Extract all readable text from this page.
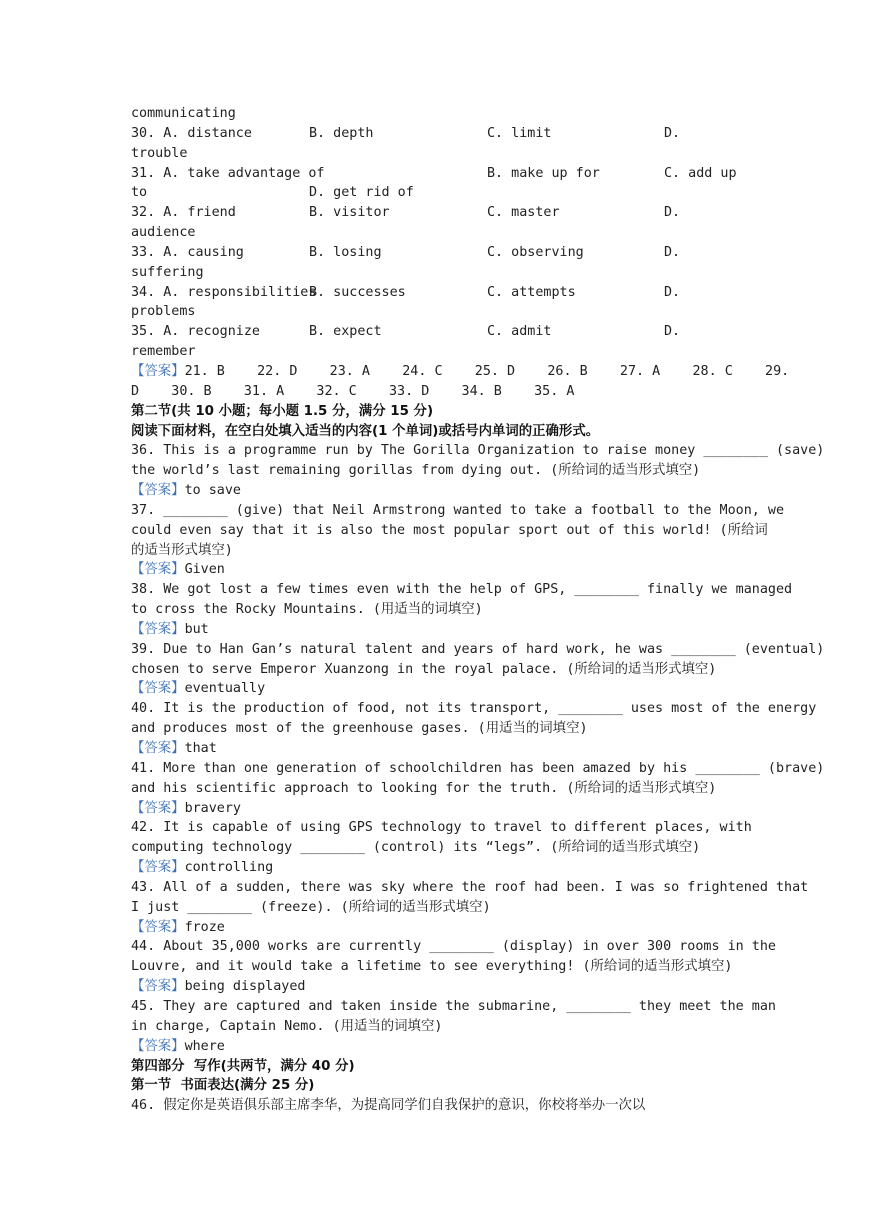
communicating
30. A. distance	B. depth	C. limit	D.
trouble
31. A. take advantage of	B. make up for	C. add up
to	D. get rid of
32. A. friend	B. visitor	C. master	D.
audience
33. A. causing	B. losing	C. observing	D.
suffering
34. A. responsibilitiesB. successes	C. attempts	D.
problems
35. A. recognize	B. expect	C. admit	D.
remember
【答案】21. B    22. D    23. A    24. C    25. D    26. B    27. A    28. C    29.
D    30. B    31. A    32. C    33. D    34. B    35. A
第二节(共 10 小题；每小题 1.5 分，满分 15 分)
阅读下面材料，在空白处填入适当的内容(1 个单词)或括号内单词的正确形式。
36. This is a programme run by The Gorilla Organization to raise money ________ (save)
the world’s last remaining gorillas from dying out. (所给词的适当形式填空)
【答案】to save
37. ________ (give) that Neil Armstrong wanted to take a football to the Moon, we
could even say that it is also the most popular sport out of this world! (所给词
的适当形式填空)
【答案】Given
38. We got lost a few times even with the help of GPS, ________ finally we managed
to cross the Rocky Mountains. (用适当的词填空)
【答案】but
39. Due to Han Gan’s natural talent and years of hard work, he was ________ (eventual)
chosen to serve Emperor Xuanzong in the royal palace. (所给词的适当形式填空)
【答案】eventually
40. It is the production of food, not its transport, ________ uses most of the energy
and produces most of the greenhouse gases. (用适当的词填空)
【答案】that
41. More than one generation of schoolchildren has been amazed by his ________ (brave)
and his scientific approach to looking for the truth. (所给词的适当形式填空)
【答案】bravery
42. It is capable of using GPS technology to travel to different places, with
computing technology ________ (control) its “legs”. (所给词的适当形式填空)
【答案】controlling
43. All of a sudden, there was sky where the roof had been. I was so frightened that
I just ________ (freeze). (所给词的适当形式填空)
【答案】froze
44. About 35,000 works are currently ________ (display) in over 300 rooms in the
Louvre, and it would take a lifetime to see everything! (所给词的适当形式填空)
【答案】being displayed
45. They are captured and taken inside the submarine, ________ they meet the man
in charge, Captain Nemo. (用适当的词填空)
【答案】where
第四部分  写作(共两节，满分 40 分)
第一节  书面表达(满分 25 分)
46. 假定你是英语俱乐部主席李华，为提高同学们自我保护的意识，你校将举办一次以
